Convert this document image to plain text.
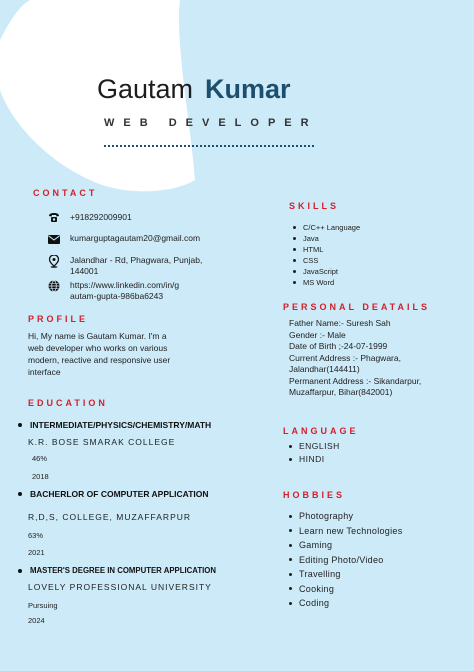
Gautam Kumar
WEB DEVELOPER
CONTACT
+918292009901
kumarguptagautam20@gmail.com
Jalandhar - Rd, Phagwara, Punjab,
144001
https://www.linkedin.com/in/g
autam-gupta-986ba6243
PROFILE
Hi, My name is Gautam Kumar. I'm a
web developer who works on various
modern, reactive and responsive user
interface
EDUCATION
INTERMEDIATE/PHYSICS/CHEMISTRY/MATH
K.R. BOSE SMARAK COLLEGE
46%
2018
BACHERLOR OF COMPUTER APPLICATION
R,D,S, COLLEGE, MUZAFFARPUR
63%
2021
MASTER'S DEGREE IN COMPUTER APPLICATION
LOVELY PROFESSIONAL UNIVERSITY
Pursuing
2024
SKILLS
C/C++ Language
Java
HTML
CSS
JavaScript
MS Word
PERSONAL DEATAILS
Father Name:- Suresh Sah
Gender :- Male
Date of Birth ;-24-07-1999
Current Address :- Phagwara,
Jalandhar(144411)
Permanent Address :- Sikandarpur,
Muzaffarpur, Bihar(842001)
LANGUAGE
ENGLISH
HINDI
HOBBIES
Photography
Learn new Technologies
Gaming
Editing Photo/Video
Travelling
Cooking
Coding
